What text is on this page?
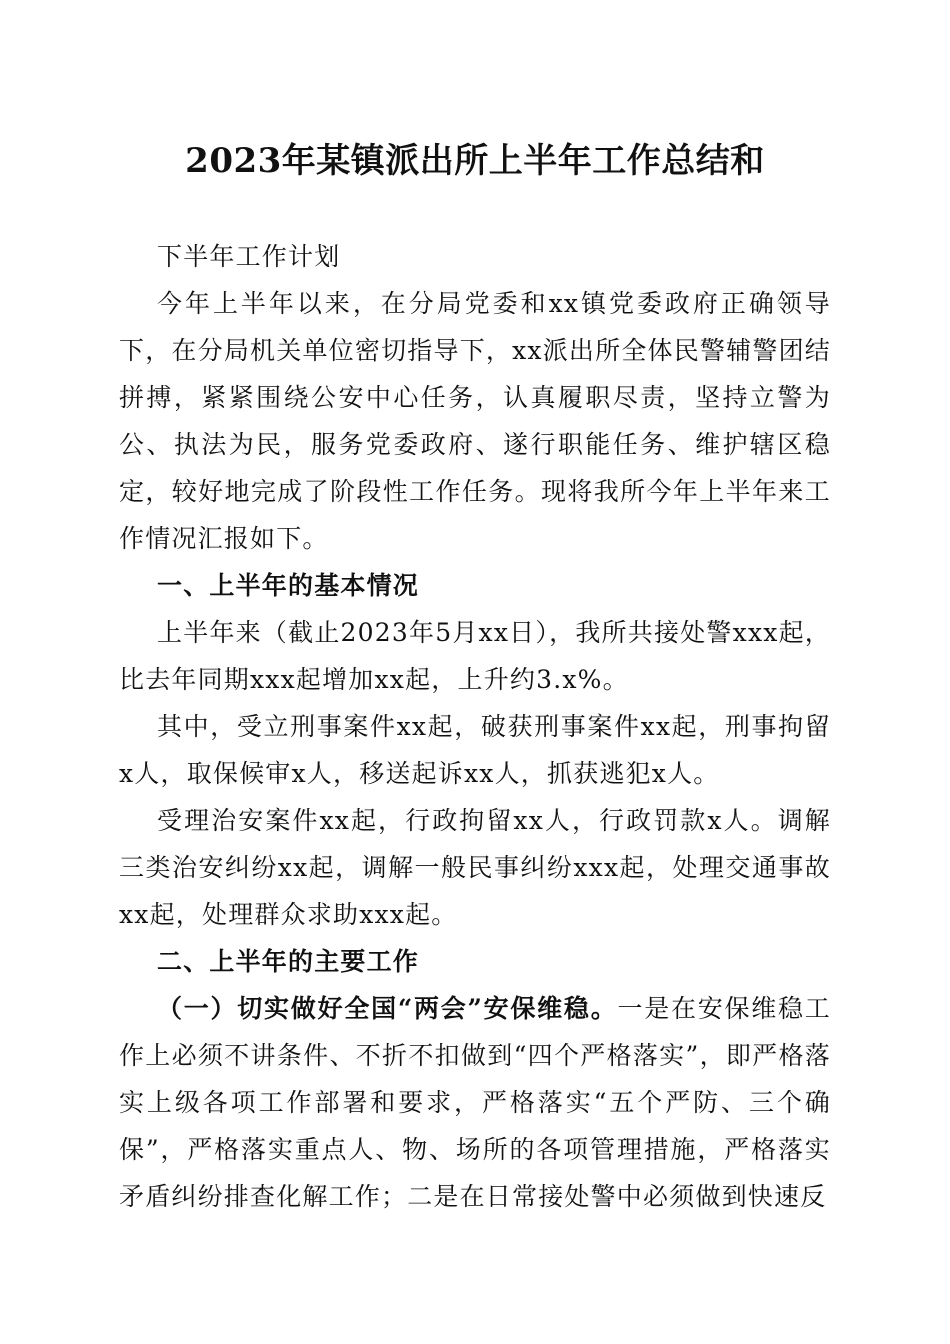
2023年某镇派出所上半年工作总结和

下半年工作计划

今年上半年以来，在分局党委和xx镇党委政府正确领导下，在分局机关单位密切指导下，xx派出所全体民警辅警团结拼搏，紧紧围绕公安中心任务，认真履职尽责，坚持立警为公、执法为民，服务党委政府、遂行职能任务、维护辖区稳定，较好地完成了阶段性工作任务。现将我所今年上半年来工作情况汇报如下。

一、上半年的基本情况

上半年来（截止2023年5月xx日），我所共接处警xxx起，比去年同期xxx起增加xx起，上升约3.x%。

其中，受立刑事案件xx起，破获刑事案件xx起，刑事拘留x人，取保候审x人，移送起诉xx人，抓获逃犯x人。

受理治安案件xx起，行政拘留xx人，行政罚款x人。调解三类治安纠纷xx起，调解一般民事纠纷xxx起，处理交通事故xx起，处理群众求助xxx起。

二、上半年的主要工作

（一）切实做好全国“两会”安保维稳。一是在安保维稳工作上必须不讲条件、不折不扣做到“四个严格落实”，即严格落实上级各项工作部署和要求，严格落实“五个严防、三个确保”，严格落实重点人、物、场所的各项管理措施，严格落实矛盾纠纷排查化解工作；二是在日常接处警中必须做到快速反
